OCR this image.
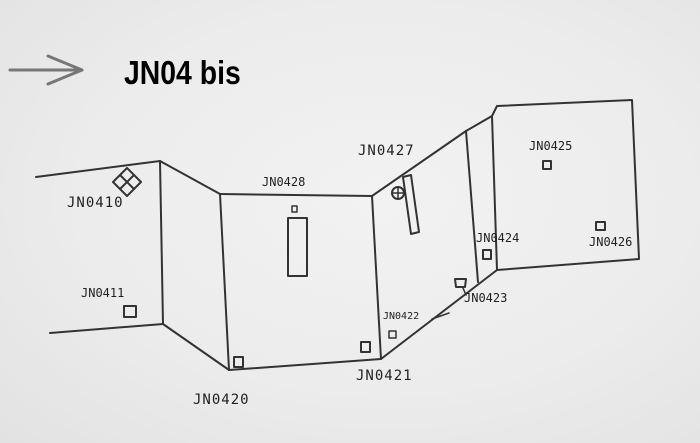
JN04 bis
JN0410
JN0411
JN0420
JN0421
JN0422
JN0423
JN0424
JN0425
JN0426
JN0427
JN0428
